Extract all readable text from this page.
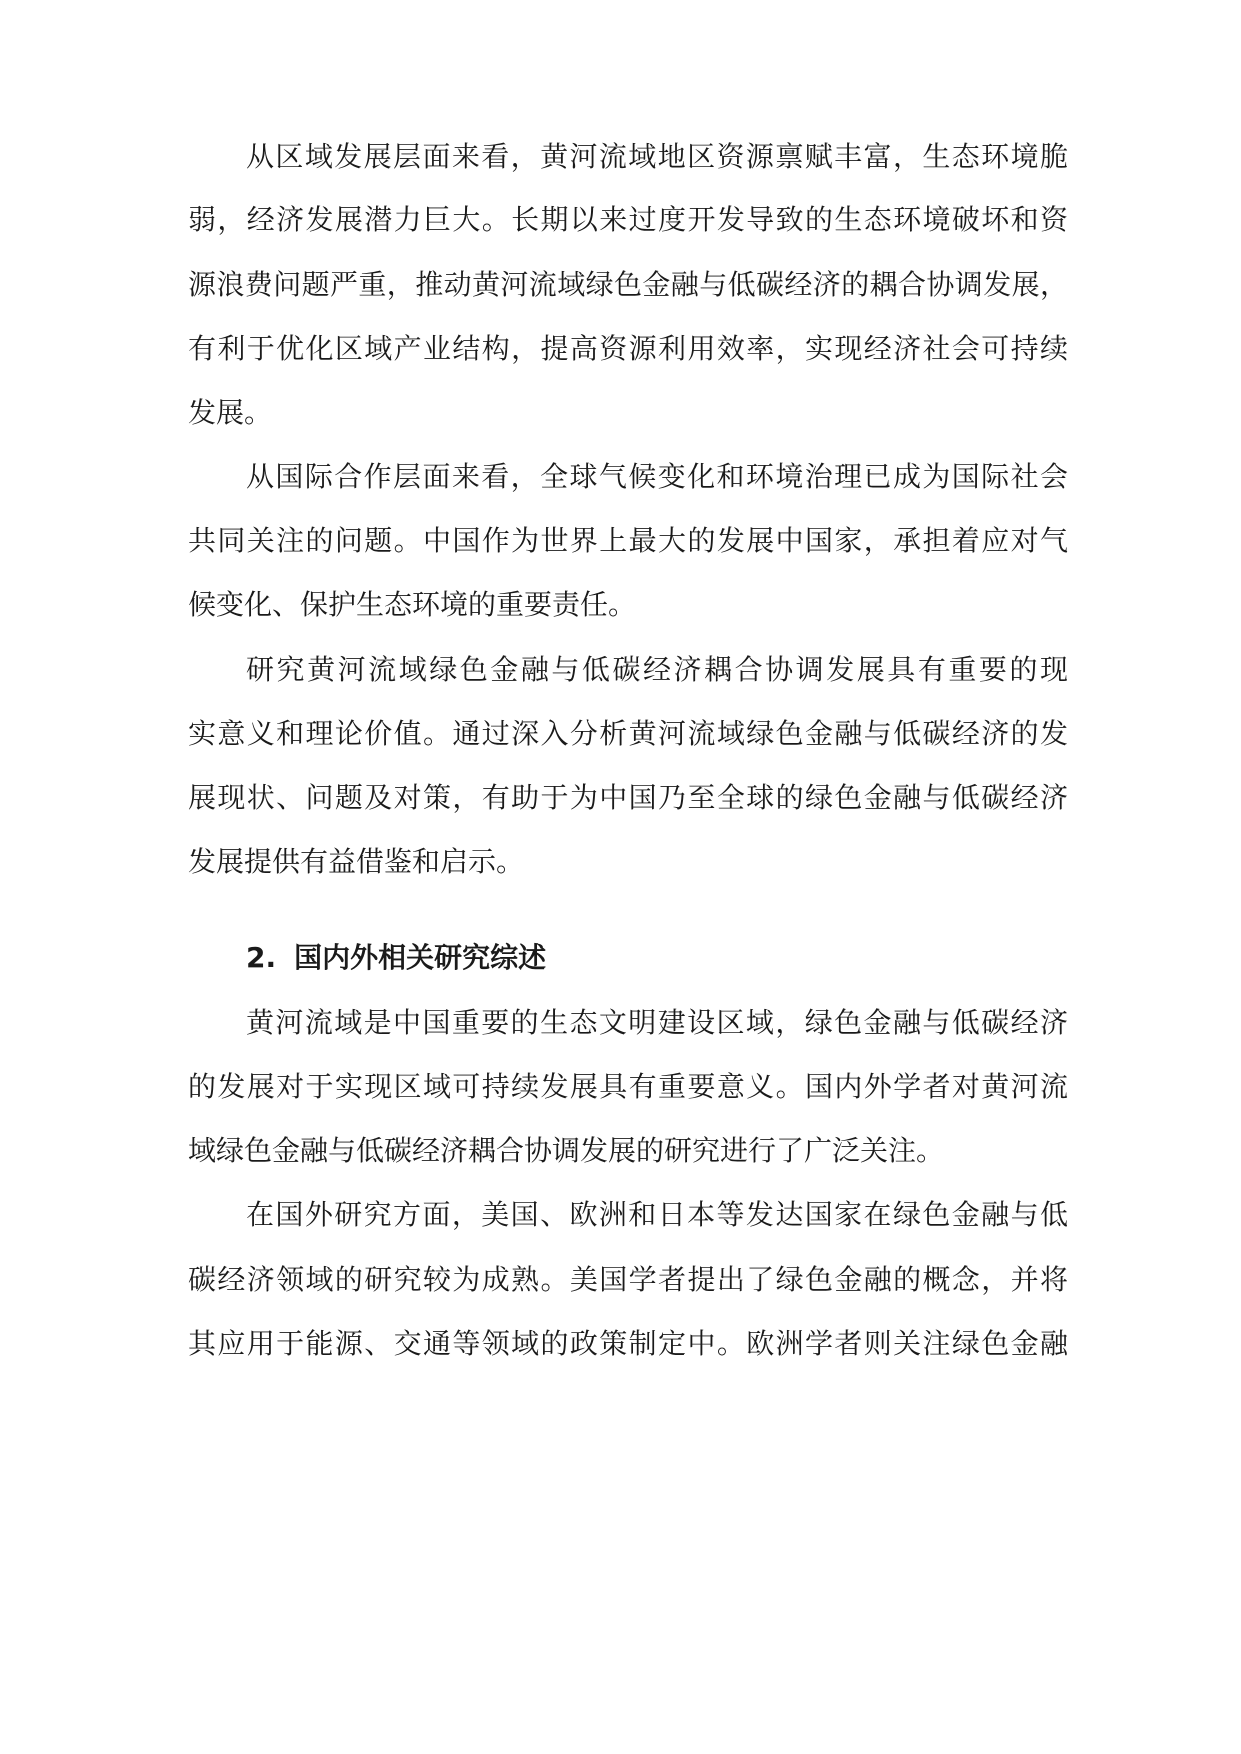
从区域发展层面来看，黄河流域地区资源禀赋丰富，生态环境脆
弱，经济发展潜力巨大。长期以来过度开发导致的生态环境破坏和资
源浪费问题严重，推动黄河流域绿色金融与低碳经济的耦合协调发展，
有利于优化区域产业结构，提高资源利用效率，实现经济社会可持续
发展。
从国际合作层面来看，全球气候变化和环境治理已成为国际社会
共同关注的问题。中国作为世界上最大的发展中国家，承担着应对气
候变化、保护生态环境的重要责任。
研究黄河流域绿色金融与低碳经济耦合协调发展具有重要的现
实意义和理论价值。通过深入分析黄河流域绿色金融与低碳经济的发
展现状、问题及对策，有助于为中国乃至全球的绿色金融与低碳经济
发展提供有益借鉴和启示。
2. 国内外相关研究综述
黄河流域是中国重要的生态文明建设区域，绿色金融与低碳经济
的发展对于实现区域可持续发展具有重要意义。国内外学者对黄河流
域绿色金融与低碳经济耦合协调发展的研究进行了广泛关注。
在国外研究方面，美国、欧洲和日本等发达国家在绿色金融与低
碳经济领域的研究较为成熟。美国学者提出了绿色金融的概念，并将
其应用于能源、交通等领域的政策制定中。欧洲学者则关注绿色金融
